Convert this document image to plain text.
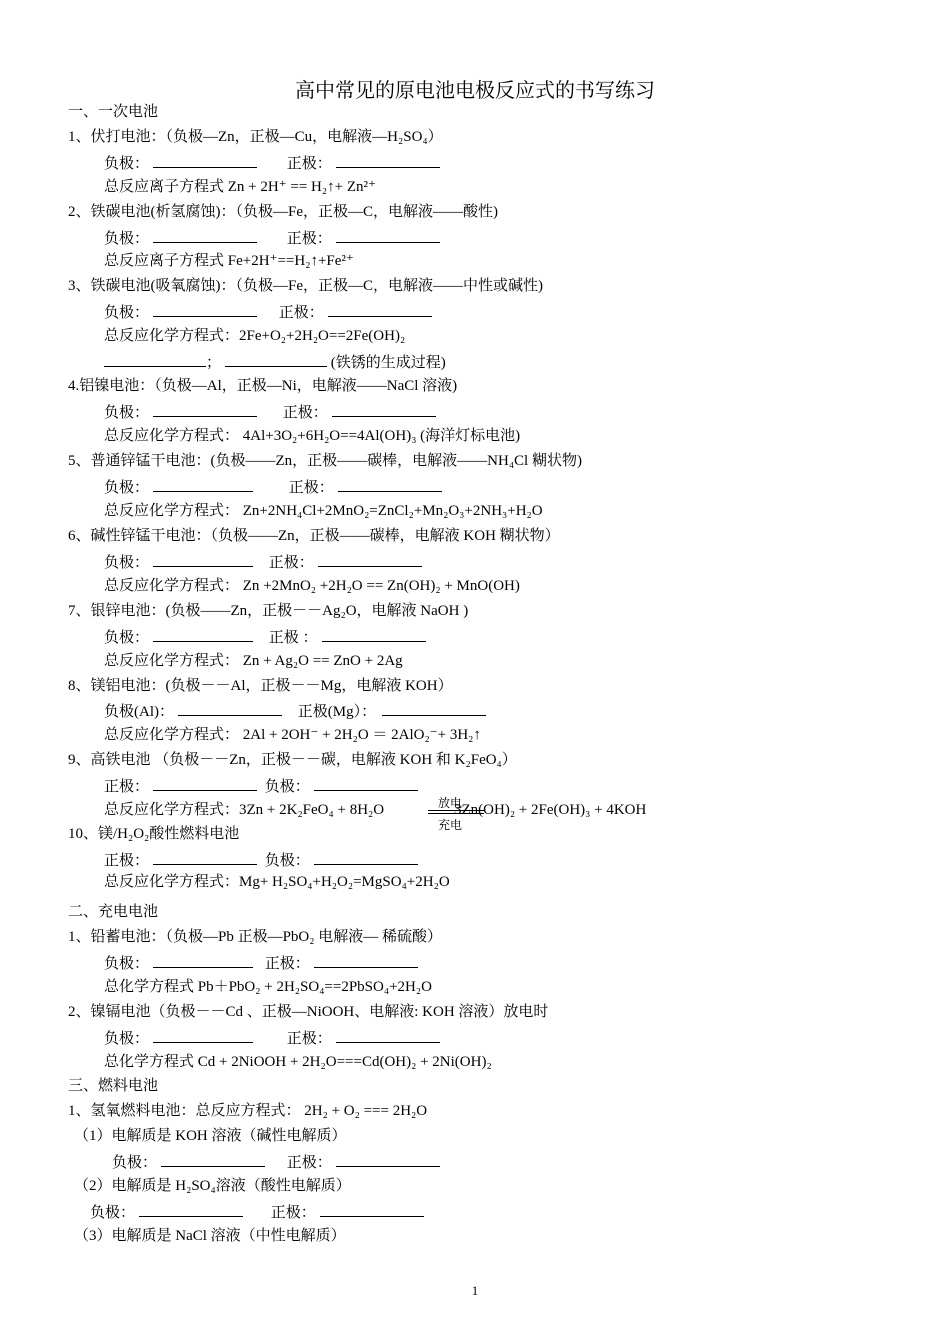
高中常见的原电池电极反应式的书写练习
一、一次电池
1、伏打电池：（负极—Zn，正极—Cu，电解液—H₂SO₄）
负极：	正极：
总反应离子方程式 Zn + 2H⁺ == H₂↑+ Zn²⁺
2、铁碳电池(析氢腐蚀)：（负极—Fe，正极—C，电解液——酸性)
负极：	正极：
总反应离子方程式 Fe+2H⁺==H₂↑+Fe²⁺
3、铁碳电池(吸氧腐蚀)：（负极—Fe，正极—C，电解液——中性或碱性)
负极：	正极：
总反应化学方程式：2Fe+O₂+2H₂O==2Fe(OH)₂
；	(铁锈的生成过程)
4.铝镍电池：（负极—Al，正极—Ni，电解液——NaCl 溶液)
负极：	正极：
总反应化学方程式： 4Al+3O₂+6H₂O==4Al(OH)₃ (海洋灯标电池)
5、普通锌锰干电池：(负极——Zn，正极——碳棒，电解液——NH₄Cl 糊状物)
负极：	正极：
总反应化学方程式： Zn+2NH₄Cl+2MnO₂=ZnCl₂+Mn₂O₃+2NH₃+H₂O
6、碱性锌锰干电池：（负极——Zn，正极——碳棒，电解液 KOH 糊状物）
负极：	正极：
总反应化学方程式： Zn +2MnO₂ +2H₂O == Zn(OH)₂ + MnO(OH)
7、银锌电池：(负极——Zn，正极－－Ag₂O，电解液 NaOH )
负极：	正极 ：
总反应化学方程式： Zn + Ag₂O == ZnO + 2Ag
8、镁铝电池：(负极－－Al，正极－－Mg，电解液 KOH）
负极(Al)：	正极(Mg）：
总反应化学方程式： 2Al + 2OH⁻ + 2H₂O ＝ 2AlO₂⁻+ 3H₂↑
9、高铁电池 （负极－－Zn，正极－－碳，电解液 KOH 和 K₂FeO₄）
正极：	负极：
总反应化学方程式：3Zn + 2K₂FeO₄ + 8H₂O	放电
充电
3Zn(OH)₂ + 2Fe(OH)₃ + 4KOH
10、镁/H₂O₂酸性燃料电池
正极：	负极：
总反应化学方程式：Mg+ H₂SO₄+H₂O₂=MgSO₄+2H₂O
二、充电电池
1、铅蓄电池：（负极—Pb 正极—PbO₂ 电解液— 稀硫酸）
负极：	正极：
总化学方程式 Pb＋PbO₂ + 2H₂SO₄==2PbSO₄+2H₂O
2、镍镉电池（负极－－Cd 、正极—NiOOH、电解液: KOH 溶液）放电时
负极：	正极：
总化学方程式 Cd + 2NiOOH + 2H₂O===Cd(OH)₂ + 2Ni(OH)₂
三、燃料电池
1、氢氧燃料电池：总反应方程式： 2H₂ + O₂ === 2H₂O
（1）电解质是 KOH 溶液（碱性电解质）
负极：	正极：
（2）电解质是 H₂SO₄溶液（酸性电解质）
负极：	正极：
（3）电解质是 NaCl 溶液（中性电解质）
1
